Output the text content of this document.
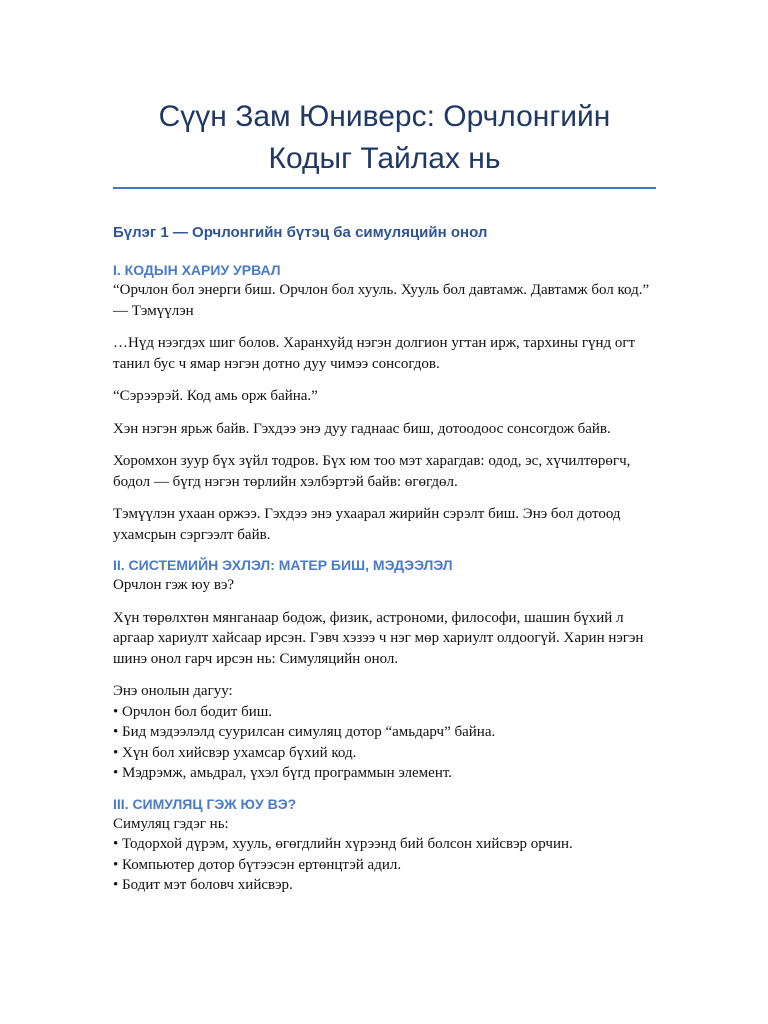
Сүүн Зам Юниверс: Орчлонгийн
Кодыг Тайлах нь
Бүлэг 1 — Орчлонгийн бүтэц ба симуляцийн онол
I. КОДЫН ХАРИУ УРВАЛ

“Орчлон бол энерги биш. Орчлон бол хууль. Хууль бол давтамж. Давтамж бол код.”

— Тэмүүлэн

…Нүд нээгдэх шиг болов. Харанхуйд нэгэн долгион угтан ирж, тархины гүнд огт танил бус ч ямар нэгэн дотно дуу чимээ сонсогдов.

“Сэрээрэй. Код амь орж байна.”

Хэн нэгэн ярьж байв. Гэхдээ энэ дуу гаднаас биш, дотоодоос сонсогдож байв.

Хоромхон зуур бүх зүйл тодров. Бүх юм тоо мэт харагдав: одод, эс, хүчилтөрөгч, бодол — бүгд нэгэн төрлийн хэлбэртэй байв: өгөгдөл.

Тэмүүлэн ухаан оржээ. Гэхдээ энэ ухаарал жирийн сэрэлт биш. Энэ бол дотоод ухамсрын сэргээлт байв.

II. СИСТЕМИЙН ЭХЛЭЛ: МАТЕР БИШ, МЭДЭЭЛЭЛ

Орчлон гэж юу вэ?

Хүн төрөлхтөн мянганаар бодож, физик, астрономи, философи, шашин бүхий л аргаар хариулт хайсаар ирсэн. Гэвч хэзээ ч нэг мөр хариулт олдоогүй. Харин нэгэн шинэ онол гарч ирсэн нь: Симуляцийн онол.

Энэ онолын дагуу:

• Орчлон бол бодит биш.

• Бид мэдээлэлд суурилсан симуляц дотор “амьдарч” байна.

• Хүн бол хийсвэр ухамсар бүхий код.

• Мэдрэмж, амьдрал, үхэл бүгд программын элемент.

III. СИМУЛЯЦ ГЭЖ ЮУ ВЭ?

Симуляц гэдэг нь:

• Тодорхой дүрэм, хууль, өгөгдлийн хүрээнд бий болсон хийсвэр орчин.

• Компьютер дотор бүтээсэн ертөнцтэй адил.

• Бодит мэт боловч хийсвэр.
